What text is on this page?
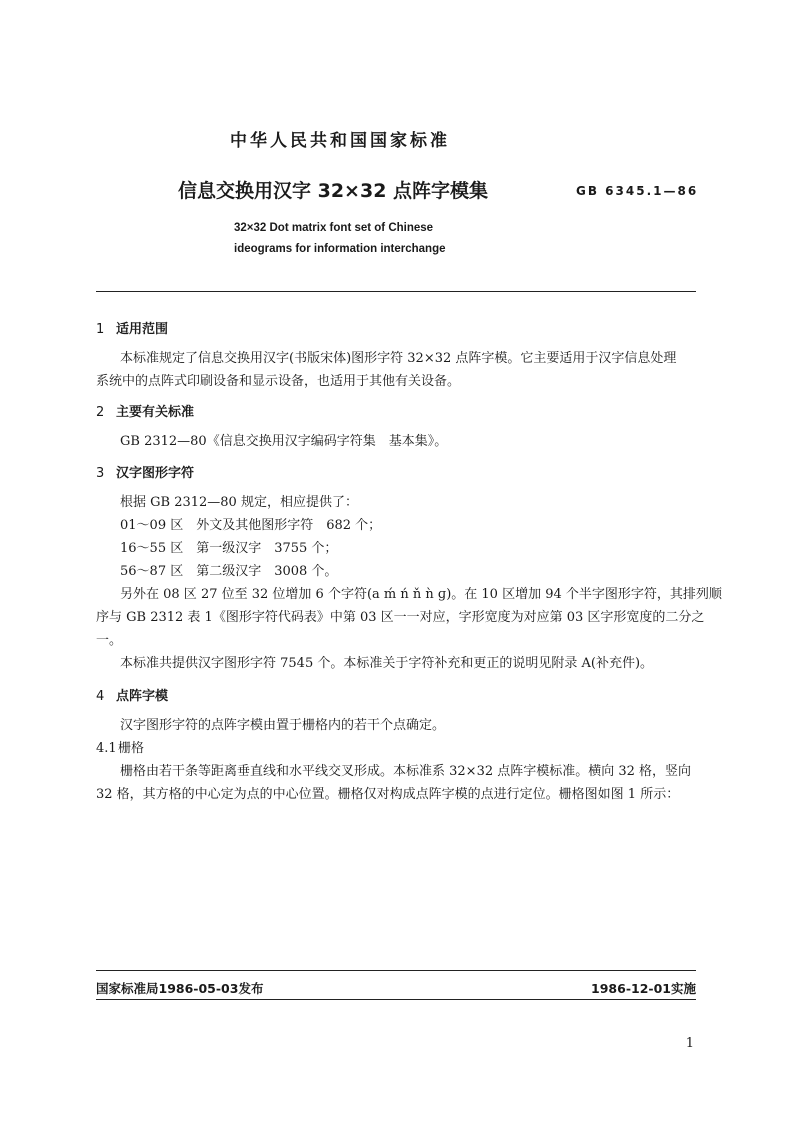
中华人民共和国国家标准
信息交换用汉字 32×32 点阵字模集	GB 6345.1—86
32×32 Dot matrix font set of Chinese
ideograms for information interchange
1 适用范围
本标准规定了信息交换用汉字(书版宋体)图形字符 32×32 点阵字模。它主要适用于汉字信息处理
系统中的点阵式印刷设备和显示设备，也适用于其他有关设备。
2 主要有关标准
GB 2312—80《信息交换用汉字编码字符集　基本集》。
3 汉字图形字符
根据 GB 2312—80 规定，相应提供了：
01～09 区　外文及其他图形字符　682 个；
16～55 区　第一级汉字　3755 个；
56～87 区　第二级汉字　3008 个。
另外在 08 区 27 位至 32 位增加 6 个字符(a ḿ ń ň ǹ ɡ)。在 10 区增加 94 个半字图形字符，其排列顺
序与 GB 2312 表 1《图形字符代码表》中第 03 区一一对应，字形宽度为对应第 03 区字形宽度的二分之
一。
本标准共提供汉字图形字符 7545 个。本标准关于字符补充和更正的说明见附录 A(补充件)。
4 点阵字模
汉字图形字符的点阵字模由置于栅格内的若干个点确定。
4.1栅格
栅格由若干条等距离垂直线和水平线交叉形成。本标准系 32×32 点阵字模标准。横向 32 格，竖向
32 格，其方格的中心定为点的中心位置。栅格仅对构成点阵字模的点进行定位。栅格图如图 1 所示：
国家标准局1986-05-03发布	1986-12-01实施
1
